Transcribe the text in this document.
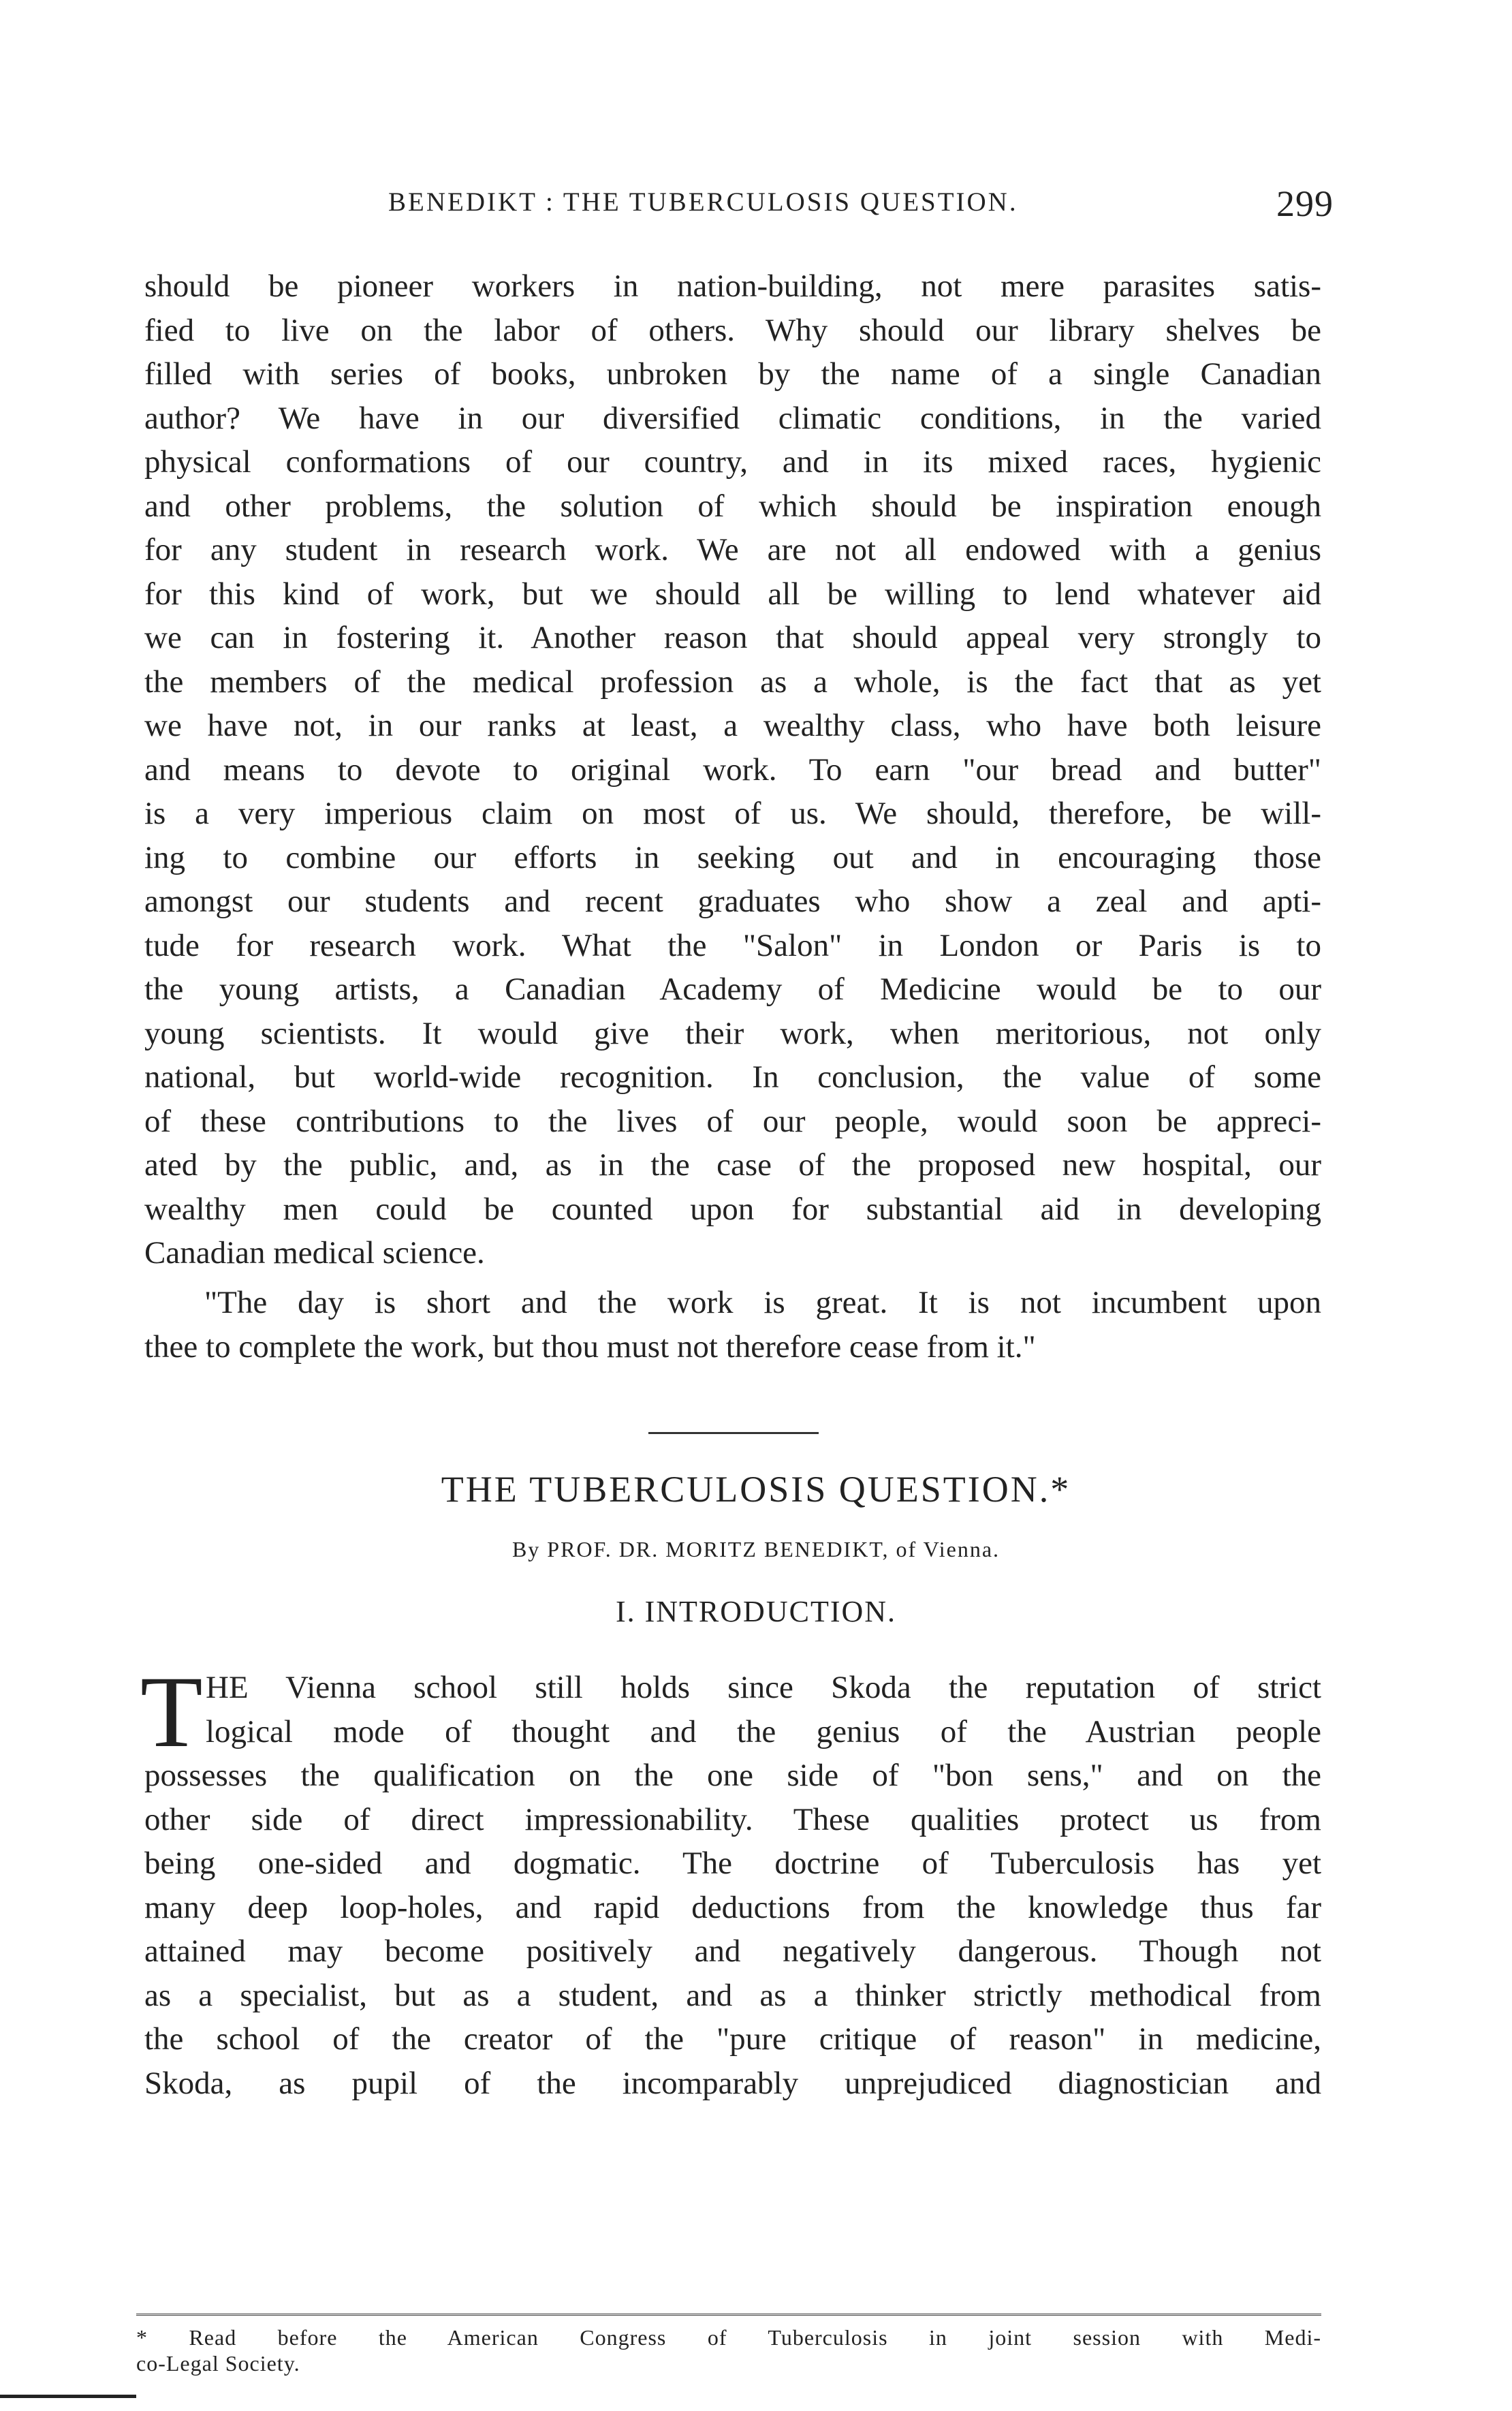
BENEDIKT : THE TUBERCULOSIS QUESTION.	299
should be pioneer workers in nation-building, not mere parasites satis-
fied to live on the labor of others. Why should our library shelves be
filled with series of books, unbroken by the name of a single Canadian
author? We have in our diversified climatic conditions, in the varied
physical conformations of our country, and in its mixed races, hygienic
and other problems, the solution of which should be inspiration enough
for any student in research work. We are not all endowed with a genius
for this kind of work, but we should all be willing to lend whatever aid
we can in fostering it. Another reason that should appeal very strongly to
the members of the medical profession as a whole, is the fact that as yet
we have not, in our ranks at least, a wealthy class, who have both leisure
and means to devote to original work. To earn "our bread and butter"
is a very imperious claim on most of us. We should, therefore, be will-
ing to combine our efforts in seeking out and in encouraging those
amongst our students and recent graduates who show a zeal and apti-
tude for research work. What the "Salon" in London or Paris is to
the young artists, a Canadian Academy of Medicine would be to our
young scientists. It would give their work, when meritorious, not only
national, but world-wide recognition. In conclusion, the value of some
of these contributions to the lives of our people, would soon be appreci-
ated by the public, and, as in the case of the proposed new hospital, our
wealthy men could be counted upon for substantial aid in developing
Canadian medical science.
"The day is short and the work is great. It is not incumbent upon
thee to complete the work, but thou must not therefore cease from it."
THE TUBERCULOSIS QUESTION.*
By PROF. DR. MORITZ BENEDIKT, of Vienna.
I. INTRODUCTION.
T HE Vienna school still holds since Skoda the reputation of strict
logical mode of thought and the genius of the Austrian people
possesses the qualification on the one side of "bon sens," and on the
other side of direct impressionability. These qualities protect us from
being one-sided and dogmatic. The doctrine of Tuberculosis has yet
many deep loop-holes, and rapid deductions from the knowledge thus far
attained may become positively and negatively dangerous. Though not
as a specialist, but as a student, and as a thinker strictly methodical from
the school of the creator of the "pure critique of reason" in medicine,
Skoda, as pupil of the incomparably unprejudiced diagnostician and
* Read before the American Congress of Tuberculosis in joint session with Medi-
co-Legal Society.
